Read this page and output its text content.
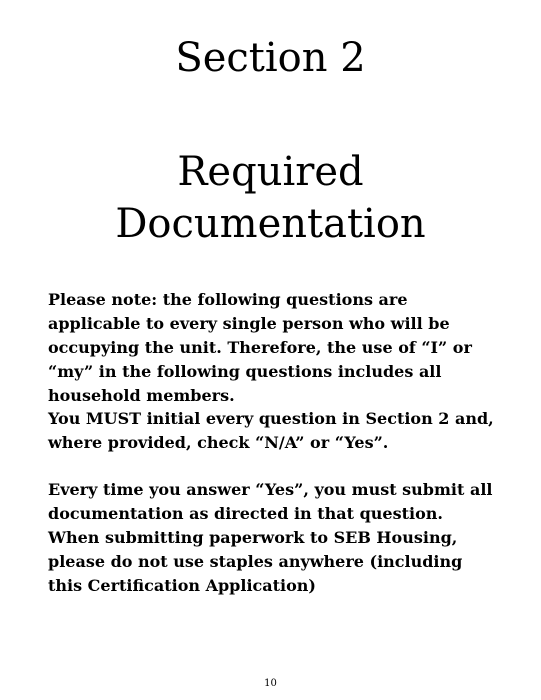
Section 2
Required
Documentation

Please note: the following questions are applicable to every single person who will be occupying the unit. Therefore, the use of “I” or “my” in the following questions includes all household members.

You MUST initial every question in Section 2 and, where provided, check “N/A” or “Yes”.

Every time you answer “Yes”, you must submit all documentation as directed in that question. When submitting paperwork to SEB Housing, please do not use staples anywhere (including this Certification Application)

10
